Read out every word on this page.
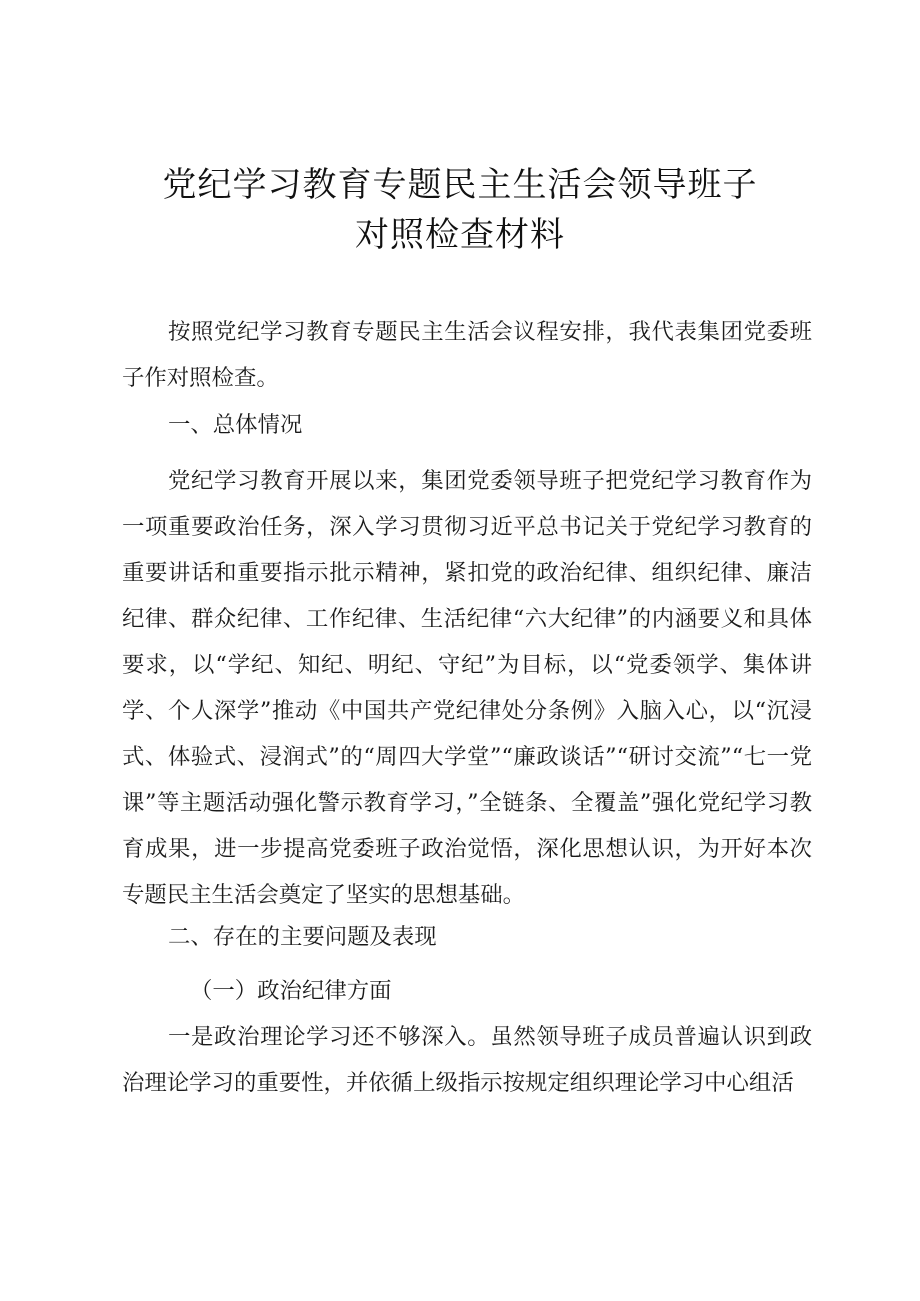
党纪学习教育专题民主生活会领导班子
对照检查材料

按照党纪学习教育专题民主生活会议程安排，我代表集团党委班子作对照检查。

一、总体情况

党纪学习教育开展以来，集团党委领导班子把党纪学习教育作为一项重要政治任务，深入学习贯彻习近平总书记关于党纪学习教育的重要讲话和重要指示批示精神，紧扣党的政治纪律、组织纪律、廉洁纪律、群众纪律、工作纪律、生活纪律“六大纪律”的内涵要义和具体要求，以“学纪、知纪、明纪、守纪”为目标，以“党委领学、集体讲学、个人深学”推动《中国共产党纪律处分条例》入脑入心，以“沉浸式、体验式、浸润式”的“周四大学堂”“廉政谈话”“研讨交流”“七一党课”等主题活动强化警示教育学习，”全链条、全覆盖”强化党纪学习教育成果，进一步提高党委班子政治觉悟，深化思想认识，为开好本次专题民主生活会奠定了坚实的思想基础。

二、存在的主要问题及表现

（一）政治纪律方面

一是政治理论学习还不够深入。虽然领导班子成员普遍认识到政治理论学习的重要性，并依循上级指示按规定组织理论学习中心组活
